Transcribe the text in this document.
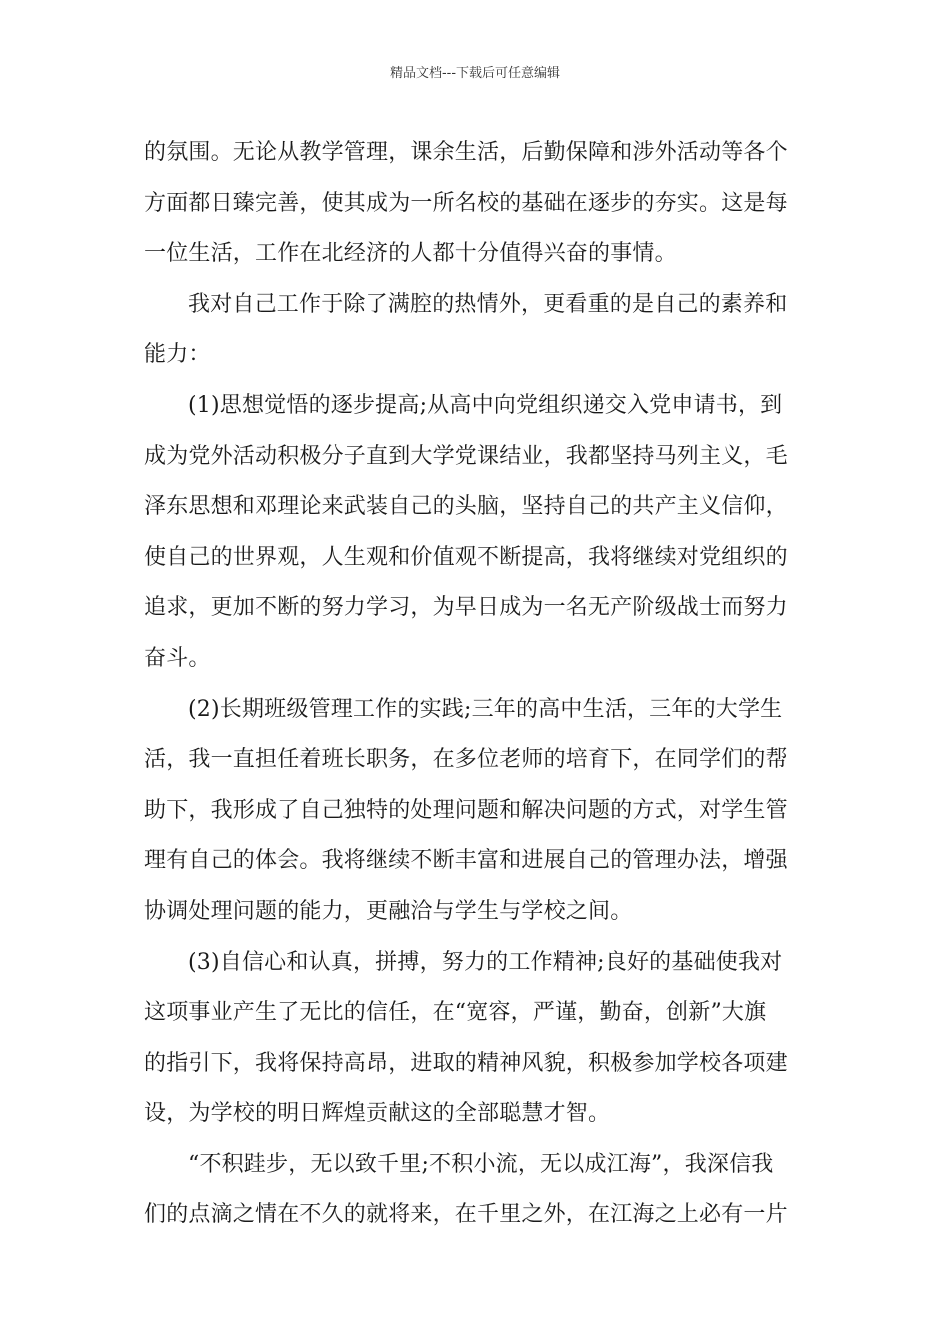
精品文档---下载后可任意编辑
的氛围。无论从教学管理，课余生活，后勤保障和涉外活动等各个
方面都日臻完善，使其成为一所名校的基础在逐步的夯实。这是每
一位生活，工作在北经济的人都十分值得兴奋的事情。
我对自己工作于除了满腔的热情外，更看重的是自己的素养和
能力：
(1)思想觉悟的逐步提高;从高中向党组织递交入党申请书，到
成为党外活动积极分子直到大学党课结业，我都坚持马列主义，毛
泽东思想和邓理论来武装自己的头脑，坚持自己的共产主义信仰，
使自己的世界观，人生观和价值观不断提高，我将继续对党组织的
追求，更加不断的努力学习，为早日成为一名无产阶级战士而努力
奋斗。
(2)长期班级管理工作的实践;三年的高中生活，三年的大学生
活，我一直担任着班长职务，在多位老师的培育下，在同学们的帮
助下，我形成了自己独特的处理问题和解决问题的方式，对学生管
理有自己的体会。我将继续不断丰富和进展自己的管理办法，增强
协调处理问题的能力，更融洽与学生与学校之间。
(3)自信心和认真，拼搏，努力的工作精神;良好的基础使我对
这项事业产生了无比的信任，在“宽容，严谨，勤奋，创新”大旗
的指引下，我将保持高昂，进取的精神风貌，积极参加学校各项建
设，为学校的明日辉煌贡献这的全部聪慧才智。
“不积跬步，无以致千里;不积小流，无以成江海”，我深信我
们的点滴之情在不久的就将来，在千里之外，在江海之上必有一片
